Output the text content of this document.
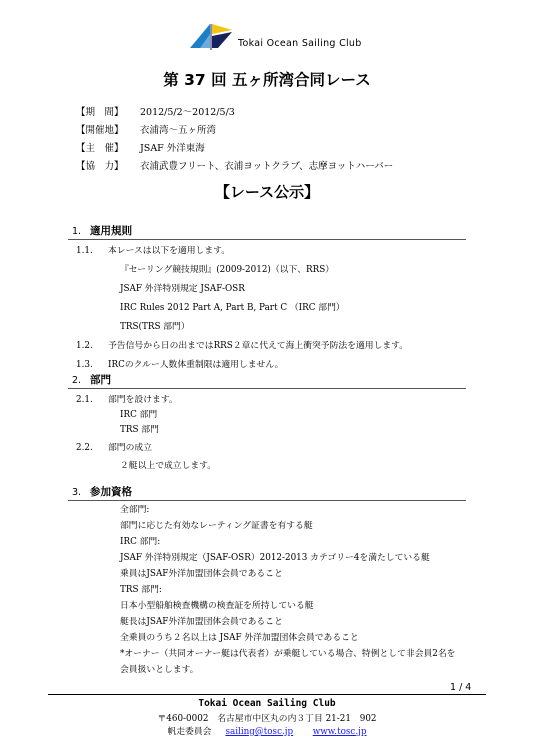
Tokai Ocean Sailing Club
第 37 回 五ヶ所湾合同レース
【期　間】 2012/5/2～2012/5/3
【開催地】 衣浦湾～五ヶ所湾
【主　催】 JSAF 外洋東海
【協　力】 衣浦武豊フリート、衣浦ヨットクラブ、志摩ヨットハーバー
【レース公示】
1. 適用規則
1.1. 本レースは以下を適用します。
『セーリング競技規則』(2009-2012)（以下、RRS）
JSAF 外洋特別規定 JSAF-OSR
IRC Rules 2012 Part A, Part B, Part C （IRC 部門）
TRS(TRS 部門）
1.2. 予告信号から日の出まではRRS２章に代えて海上衝突予防法を適用します。
1.3. IRCのクルー人数体重制限は適用しません。
2. 部門
2.1. 部門を設けます。
IRC 部門
TRS 部門
2.2. 部門の成立
２艇以上で成立します。
3. 参加資格
全部門:
部門に応じた有効なレーティング証書を有する艇
IRC 部門:
JSAF 外洋特別規定（JSAF-OSR）2012-2013 カテゴリー4を満たしている艇
乗員はJSAF外洋加盟団体会員であること
TRS 部門:
日本小型船舶検査機構の検査証を所持している艇
艇長はJSAF外洋加盟団体会員であること
全乗員のうち２名以上は JSAF 外洋加盟団体会員であること
*オーナー（共同オーナー艇は代表者）が乗艇している場合、特例として非会員2名を
会員扱いとします。
1 / 4
Tokai Ocean Sailing Club
〒460-0002　名古屋市中区丸の内３丁目 21-21　902
帆走委員会 sailing@tosc.jp www.tosc.jp
